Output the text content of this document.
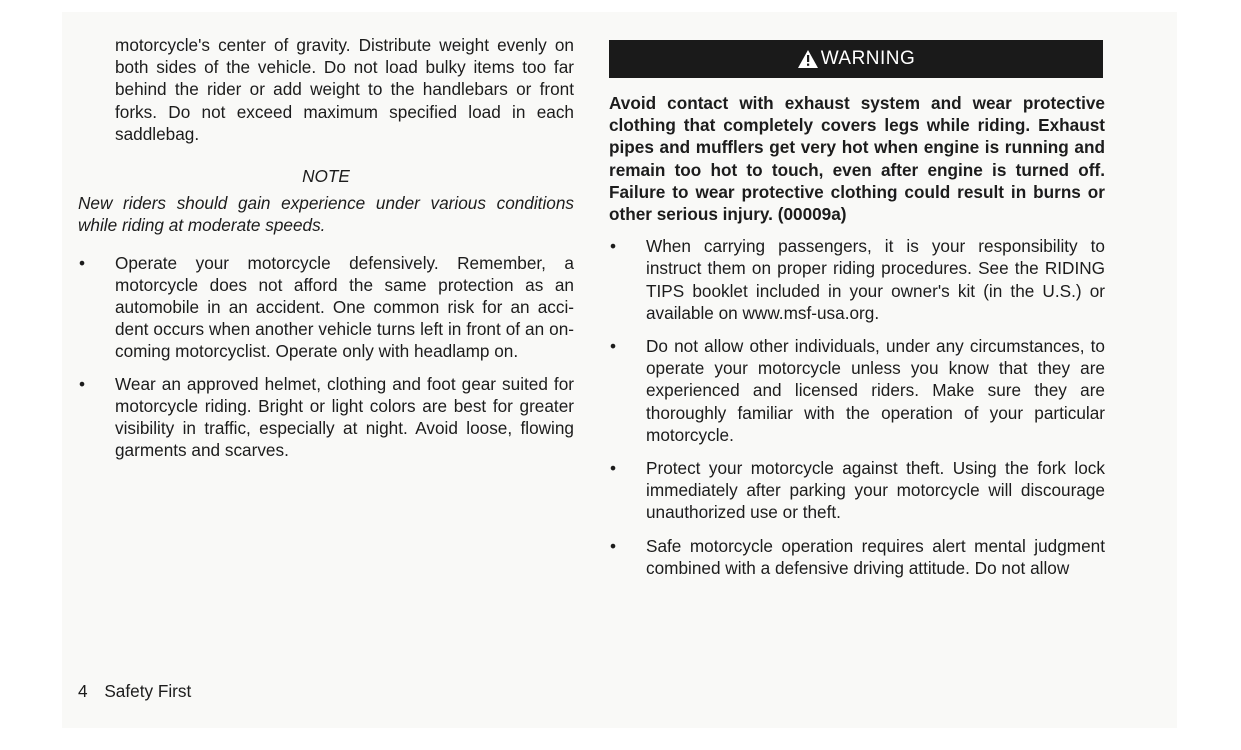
motorcycle's center of gravity. Distribute weight evenly on both sides of the vehicle. Do not load bulky items too far behind the rider or add weight to the handlebars or front forks. Do not exceed maximum specified load in each saddlebag.

NOTE

New riders should gain experience under various conditions while riding at moderate speeds.

• Operate your motorcycle defensively. Remember, a motorcycle does not afford the same protection as an automobile in an accident. One common risk for an acci-dent occurs when another vehicle turns left in front of an on-coming motorcyclist. Operate only with headlamp on.
• Wear an approved helmet, clothing and foot gear suited for motorcycle riding. Bright or light colors are best for greater visibility in traffic, especially at night. Avoid loose, flowing garments and scarves.
WARNING

Avoid contact with exhaust system and wear protective clothing that completely covers legs while riding. Exhaust pipes and mufflers get very hot when engine is running and remain too hot to touch, even after engine is turned off. Failure to wear protective clothing could result in burns or other serious injury. (00009a)

• When carrying passengers, it is your responsibility to instruct them on proper riding procedures. See the RIDING TIPS booklet included in your owner's kit (in the U.S.) or available on www.msf-usa.org.
• Do not allow other individuals, under any circumstances, to operate your motorcycle unless you know that they are experienced and licensed riders. Make sure they are thoroughly familiar with the operation of your particular motorcycle.
• Protect your motorcycle against theft. Using the fork lock immediately after parking your motorcycle will discourage unauthorized use or theft.
• Safe motorcycle operation requires alert mental judgment combined with a defensive driving attitude. Do not allow
4 Safety First
